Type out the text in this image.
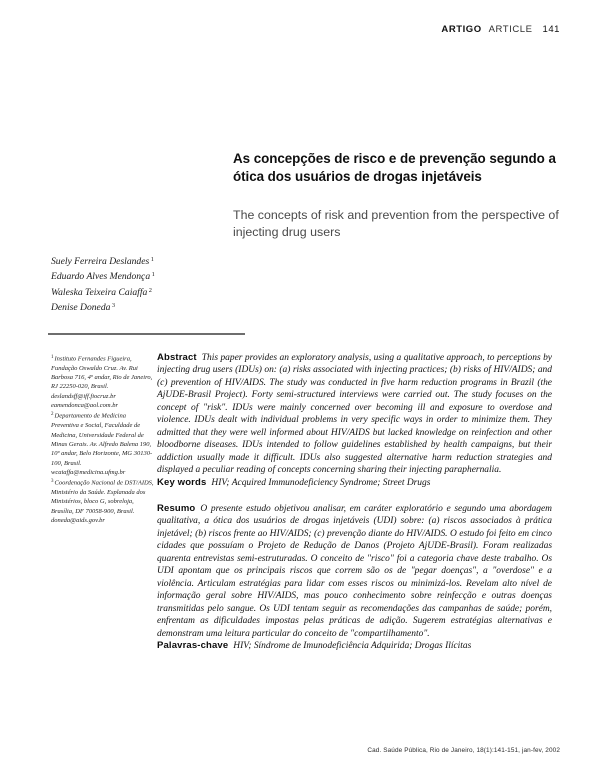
ARTIGO ARTICLE 141
As concepções de risco e de prevenção segundo a ótica dos usuários de drogas injetáveis
The concepts of risk and prevention from the perspective of injecting drug users
Suely Ferreira Deslandes $^1$
Eduardo Alves Mendonça $^1$
Waleska Teixeira Caiaffa $^2$
Denise Doneda $^3$

$^1$Instituto Fernandes Figueira, Fundação Oswaldo Cruz. Av. Rui Barbosa 716, 4º andar, Rio de Janeiro, RJ 22250-020, Brasil. deslandsff@iff.fiocruz.br eamendonca@aol.com.br

$^2$Departamento de Medicina Preventiva e Social, Faculdade de Medicina, Universidade Federal de Minas Gerais. Av. Alfredo Balena 190, 10º andar, Belo Horizonte, MG 30130-100, Brasil. wcaiaffa@medicina.ufmg.br

$^3$Coordenação Nacional de DST/AIDS, Ministério da Saúde. Esplanada dos Ministérios, bloco G, sobreloja, Brasília, DF 70058-900, Brasil. doneda@aids.gov.br

Abstract This paper provides an exploratory analysis, using a qualitative approach, to perceptions by injecting drug users (IDUs) on: (a) risks associated with injecting practices; (b) risks of HIV/AIDS; and (c) prevention of HIV/AIDS. The study was conducted in five harm reduction programs in Brazil (the AjUDE-Brasil Project). Forty semi-structured interviews were carried out. The study focuses on the concept of "risk". IDUs were mainly concerned over becoming ill and exposure to overdose and violence. IDUs dealt with individual problems in very specific ways in order to minimize them. They admitted that they were well informed about HIV/AIDS but lacked knowledge on reinfection and other bloodborne diseases. IDUs intended to follow guidelines established by health campaigns, but their addiction usually made it difficult. IDUs also suggested alternative harm reduction strategies and displayed a peculiar reading of concepts concerning sharing their injecting paraphernalia.

Key words HIV; Acquired Immunodeficiency Syndrome; Street Drugs

Resumo O presente estudo objetivou analisar, em caráter exploratório e segundo uma abordagem qualitativa, a ótica dos usuários de drogas injetáveis (UDI) sobre: (a) riscos associados à prática injetável; (b) riscos frente ao HIV/AIDS; (c) prevenção diante do HIV/AIDS. O estudo foi feito em cinco cidades que possuíam o Projeto de Redução de Danos (Projeto AjUDE-Brasil). Foram realizadas quarenta entrevistas semi-estruturadas. O conceito de "risco" foi a categoria chave deste trabalho. Os UDI apontam que os principais riscos que correm são os de "pegar doenças", a "overdose" e a violência. Articulam estratégias para lidar com esses riscos ou minimizá-los. Revelam alto nível de informação geral sobre HIV/AIDS, mas pouco conhecimento sobre reinfecção e outras doenças transmitidas pelo sangue. Os UDI tentam seguir as recomendações das campanhas de saúde; porém, enfrentam as dificuldades impostas pelas práticas de adição. Sugerem estratégias alternativas e demonstram uma leitura particular do conceito de "compartilhamento".

Palavras-chave HIV; Síndrome de Imunodeficiência Adquirida; Drogas Ilícitas

Cad. Saúde Pública, Rio de Janeiro, 18(1):141-151, jan-fev, 2002
